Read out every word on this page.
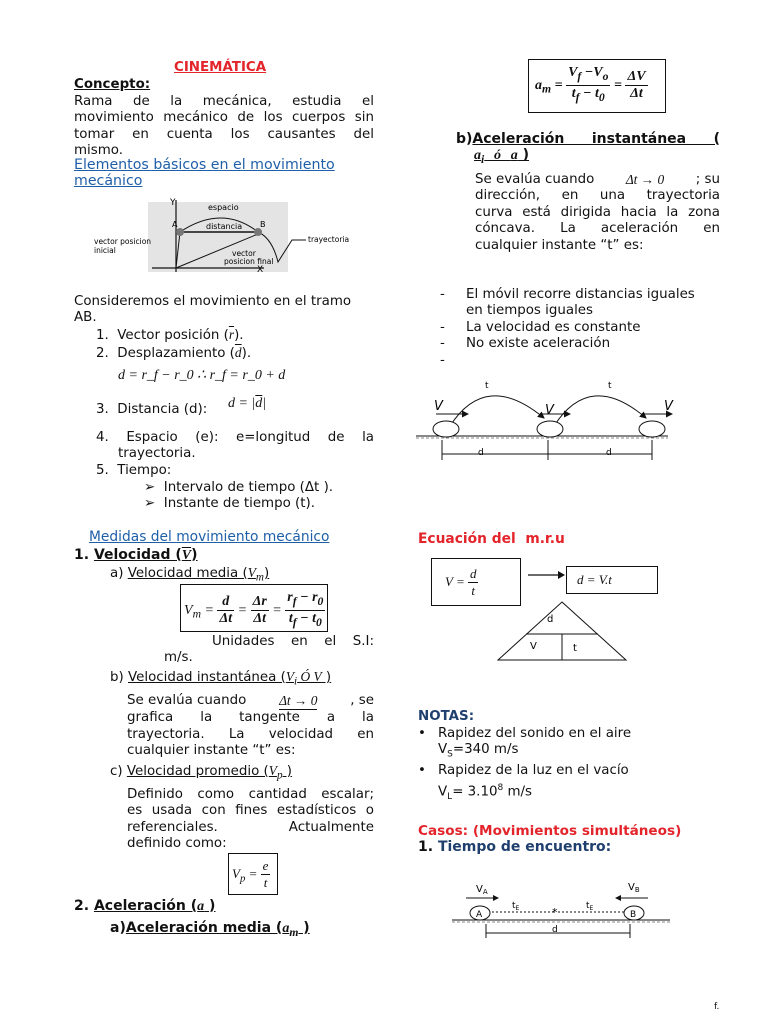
CINEMÁTICA
Concepto:
Rama de la mecánica, estudia el
movimiento mecánico de los cuerpos sin
tomar en cuenta los causantes del
mismo.
Elementos básicos en el movimiento
mecánico
Y
X
A	B
espacio
distancia
vector posicion
inicial	vector
posicion final
trayectoria
Consideremos el movimiento en el tramo
AB.
1. Vector posición $(\overline{r})$.
2. Desplazamiento $(\overline{d})$.
d = r_f − r_0 ∴ r_f = r_0 + d
3. Distancia (d): $d = |\overline{d}|$
4. Espacio (e): e=longitud de la
trayectoria.
5. Tiempo:
➢ Intervalo de tiempo (Δt ).
➢ Instante de tiempo (t).
Medidas del movimiento mecánico
1. Velocidad (V)
a) Velocidad media $(V_m)$
$V_m = \frac{d}{\Delta t} = \frac{\Delta r}{\Delta t} = \frac{r_f - r_0}{t_f - t_0}$
Unidades en el S.I:
m/s.
b) Velocidad instantánea ($V_i$ Ó V )
Se evalúa cuando Δt → 0 , se
grafica la tangente a la
trayectoria. La velocidad en
cualquier instante “t” es:
c) Velocidad promedio ($V_p$ )
Definido como cantidad escalar;
es usada con fines estadísticos o
referenciales. Actualmente
definido como:
$V_p = \frac{e}{t}$
2. Aceleración (a )
a)Aceleración media ($a_m$ )
$a_m = \frac{V_f -V_o}{t_f - t_0} = \frac{\Delta V}{\Delta t}$
b)Aceleración instantánea (
$a_i$ ó a )
Se evalúa cuando Δt → 0 ; su
dirección, en una trayectoria
curva está dirigida hacia la zona
cóncava. La aceleración en
cualquier instante “t” es:
-	El móvil recorre distancias iguales
en tiempos iguales
-	La velocidad es constante
-	No existe aceleración
-
t	t
V	V	V
d	d
Ecuación del  m.r.u
$V = \frac{d}{t}$	d = V.t
d
V	t
NOTAS:
• Rapidez del sonido en el aire
$V_S=340$ m/s
• Rapidez de la luz en el vacío
$V_L= 3.10^8$ m/s
Casos: (Movimientos simultáneos)
1. Tiempo de encuentro:
$V_A$	$V_B$
$t_E$	$t_E$
*
A	B
d
f.
